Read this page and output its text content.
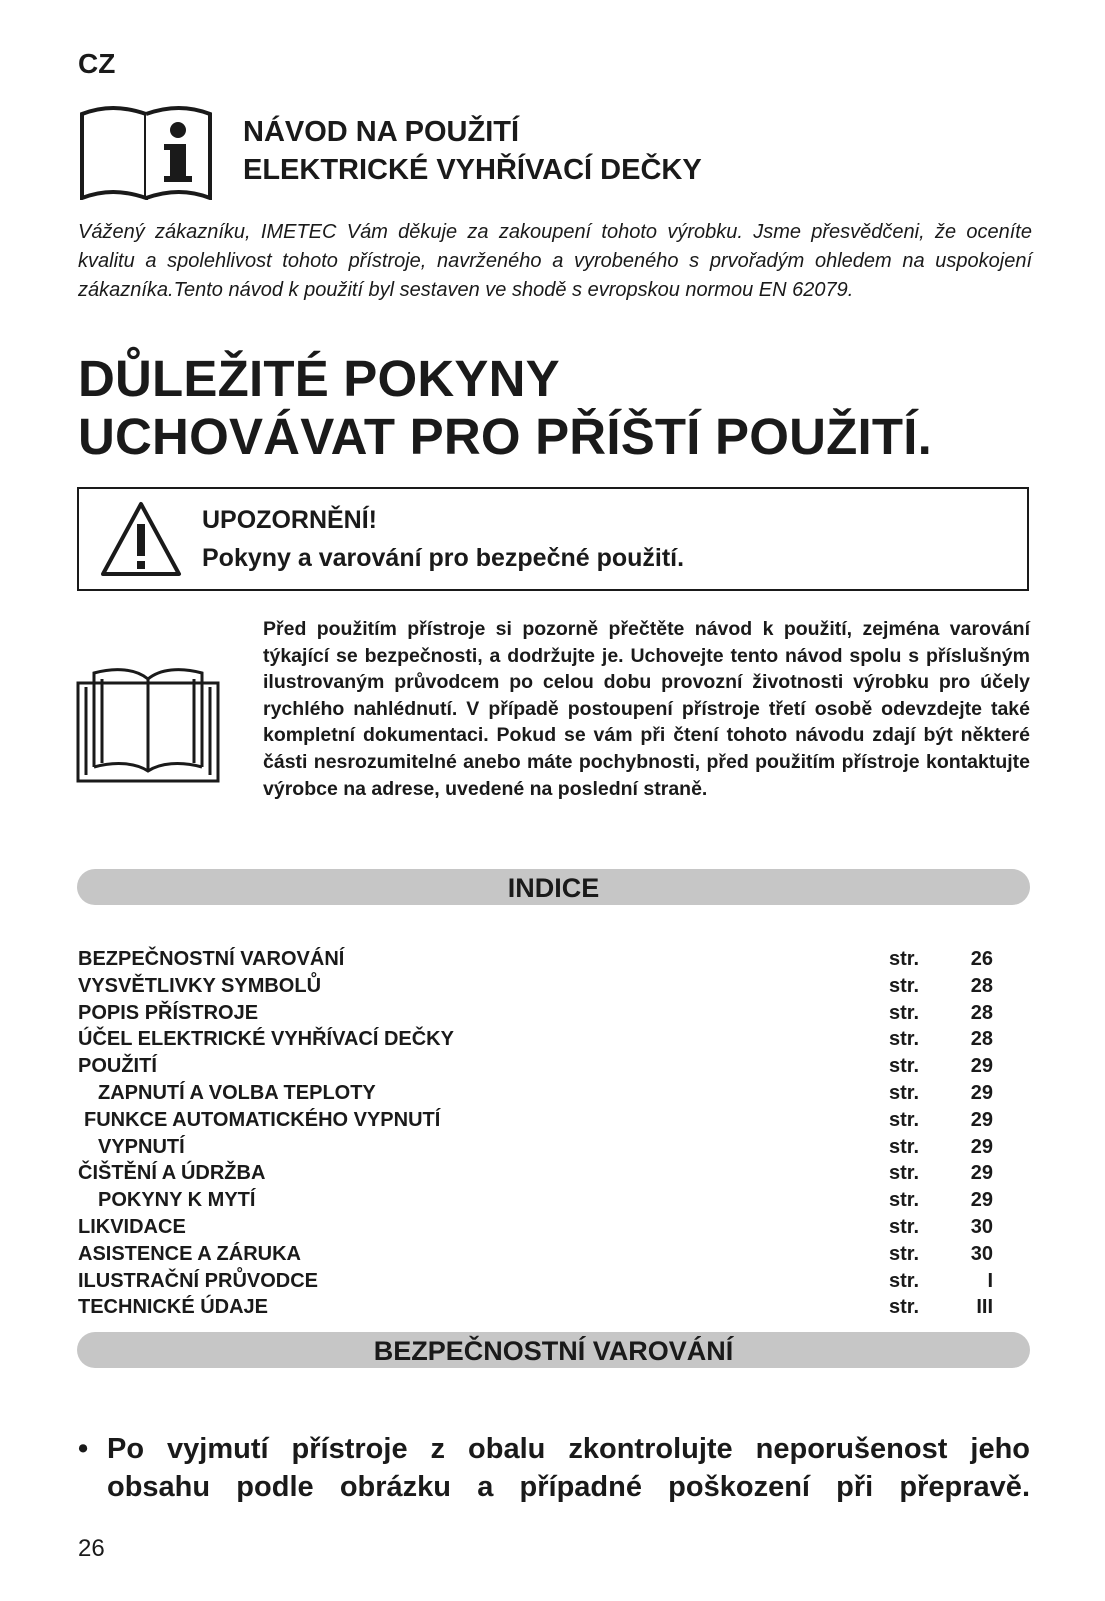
CZ
NÁVOD NA POUŽITÍ
ELEKTRICKÉ VYHŘÍVACÍ DEČKY
Vážený zákazníku, IMETEC Vám děkuje za zakoupení tohoto výrobku. Jsme přesvědčeni, že oceníte kvalitu a spolehlivost tohoto přístroje, navrženého a vyrobeného s prvořadým ohledem na uspokojení zákazníka.Tento návod k použití byl sestaven ve shodě s evropskou normou EN 62079.
DŮLEŽITÉ POKYNY
UCHOVÁVAT PRO PŘÍŠTÍ POUŽITÍ.
UPOZORNĚNÍ!
Pokyny a varování pro bezpečné použití.
Před použitím přístroje si pozorně přečtěte návod k použití, zejména varování týkající se bezpečnosti, a dodržujte je. Uchovejte tento návod spolu s příslušným ilustrovaným průvodcem po celou dobu provozní životnosti výrobku pro účely rychlého nahlédnutí. V případě postoupení přístroje třetí osobě odevzdejte také kompletní dokumentaci. Pokud se vám při čtení tohoto návodu zdají být některé části nesrozumitelné anebo máte pochybnosti, před použitím přístroje kontaktujte výrobce na adrese, uvedené na poslední straně.
INDICE
BEZPEČNOSTNÍ VAROVÁNÍ	str.	26
VYSVĚTLIVKY SYMBOLŮ	str.	28
POPIS PŘÍSTROJE	str.	28
ÚČEL ELEKTRICKÉ VYHŘÍVACÍ DEČKY	str.	28
POUŽITÍ	str.	29
ZAPNUTÍ A VOLBA TEPLOTY	str.	29
FUNKCE AUTOMATICKÉHO VYPNUTÍ	str.	29
VYPNUTÍ	str.	29
ČIŠTĚNÍ A ÚDRŽBA	str.	29
POKYNY K MYTÍ	str.	29
LIKVIDACE	str.	30
ASISTENCE A ZÁRUKA	str.	30
ILUSTRAČNÍ PRŮVODCE	str.	I
TECHNICKÉ ÚDAJE	str.	III
BEZPEČNOSTNÍ VAROVÁNÍ
• Po vyjmutí přístroje z obalu zkontrolujte neporušenost jeho
obsahu podle obrázku a případné poškození při přepravě.
26
